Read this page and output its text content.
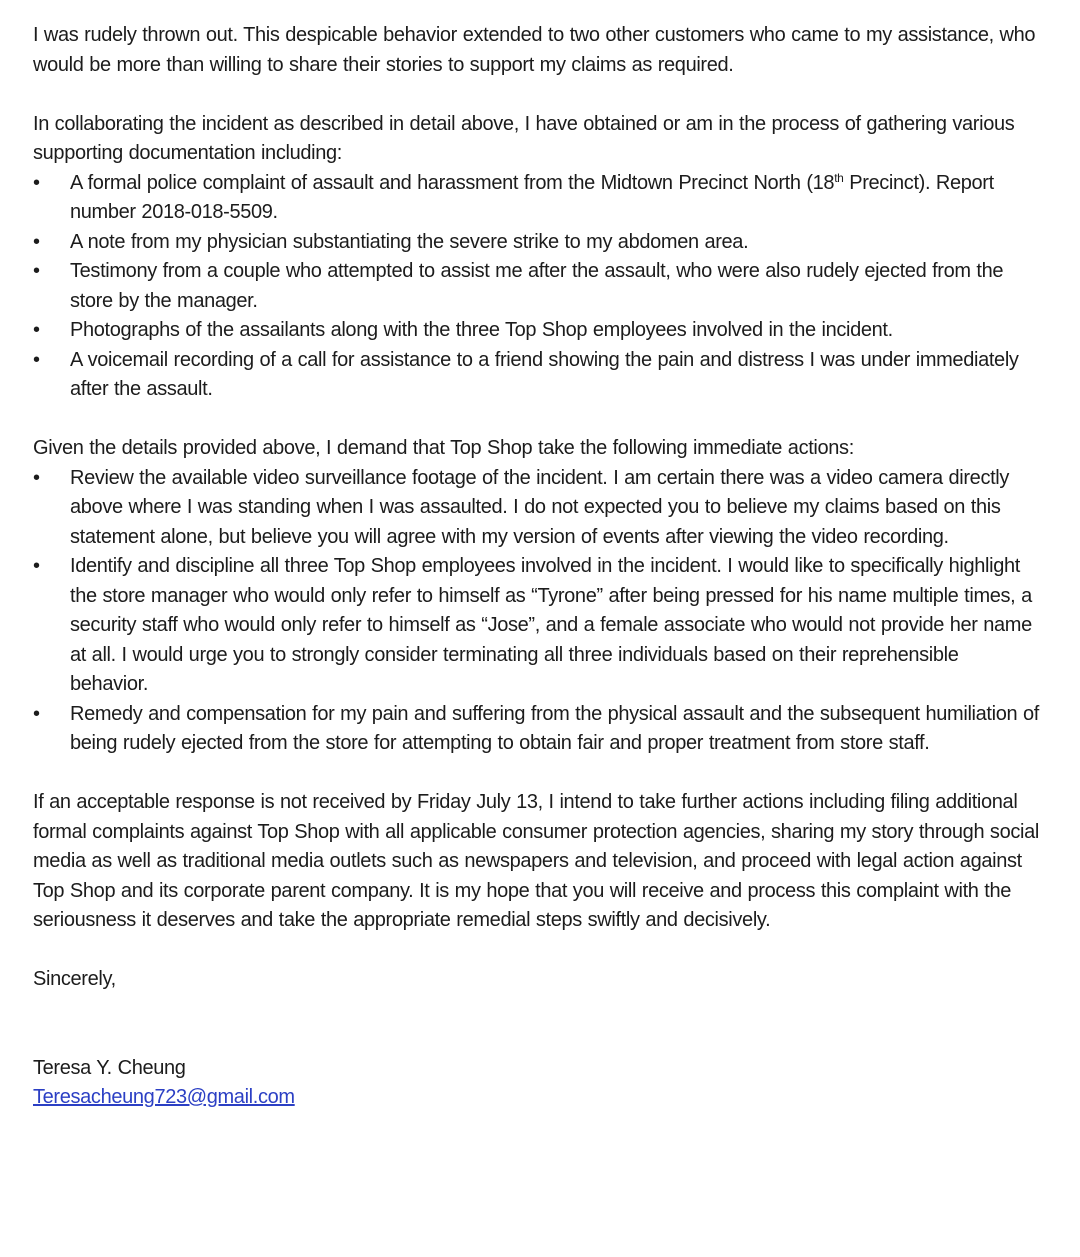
I was rudely thrown out. This despicable behavior extended to two other customers who came to my assistance, who would be more than willing to share their stories to support my claims as required.

In collaborating the incident as described in detail above, I have obtained or am in the process of gathering various supporting documentation including:

• A formal police complaint of assault and harassment from the Midtown Precinct North (18th Precinct). Report number 2018-018-5509.
• A note from my physician substantiating the severe strike to my abdomen area.
• Testimony from a couple who attempted to assist me after the assault, who were also rudely ejected from the store by the manager.
• Photographs of the assailants along with the three Top Shop employees involved in the incident.
• A voicemail recording of a call for assistance to a friend showing the pain and distress I was under immediately after the assault.

Given the details provided above, I demand that Top Shop take the following immediate actions:

• Review the available video surveillance footage of the incident. I am certain there was a video camera directly above where I was standing when I was assaulted. I do not expected you to believe my claims based on this statement alone, but believe you will agree with my version of events after viewing the video recording.
• Identify and discipline all three Top Shop employees involved in the incident. I would like to specifically highlight the store manager who would only refer to himself as “Tyrone” after being pressed for his name multiple times, a security staff who would only refer to himself as “Jose”, and a female associate who would not provide her name at all. I would urge you to strongly consider terminating all three individuals based on their reprehensible behavior.
• Remedy and compensation for my pain and suffering from the physical assault and the subsequent humiliation of being rudely ejected from the store for attempting to obtain fair and proper treatment from store staff.

If an acceptable response is not received by Friday July 13, I intend to take further actions including filing additional formal complaints against Top Shop with all applicable consumer protection agencies, sharing my story through social media as well as traditional media outlets such as newspapers and television, and proceed with legal action against Top Shop and its corporate parent company. It is my hope that you will receive and process this complaint with the seriousness it deserves and take the appropriate remedial steps swiftly and decisively.

Sincerely,

Teresa Y. Cheung

Teresacheung723@gmail.com
